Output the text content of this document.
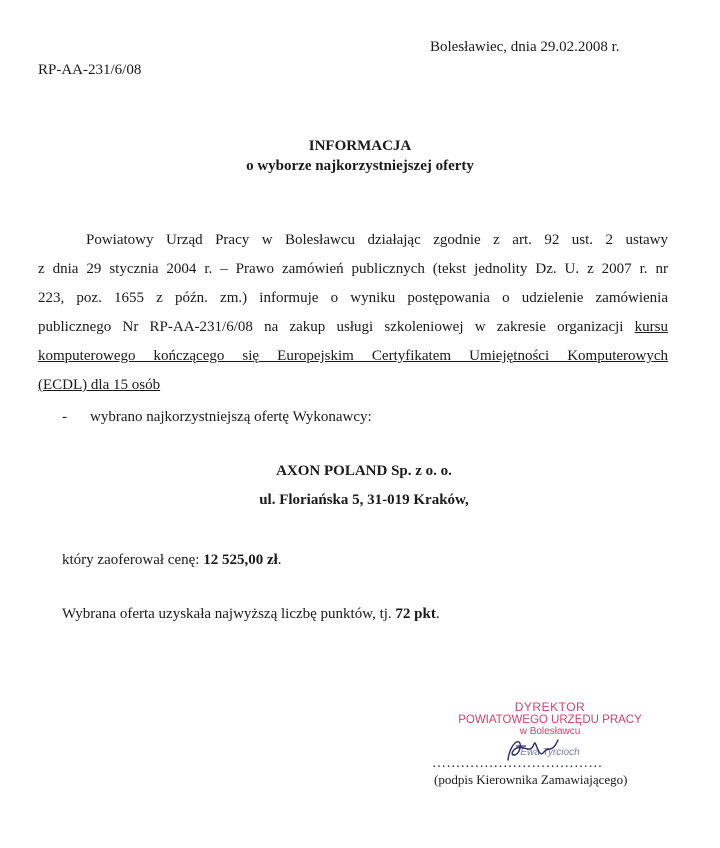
Bolesławiec, dnia 29.02.2008 r.
RP-AA-231/6/08
INFORMACJA
o wyborze najkorzystniejszej oferty
Powiatowy Urząd Pracy w Bolesławcu działając zgodnie z art. 92 ust. 2 ustawy
z dnia 29 stycznia 2004 r. – Prawo zamówień publicznych (tekst jednolity Dz. U. z 2007 r. nr
223, poz. 1655 z późn. zm.) informuje o wyniku postępowania o udzielenie zamówienia
publicznego Nr RP-AA-231/6/08 na zakup usługi szkoleniowej w zakresie organizacji kursu
komputerowego kończącego się Europejskim Certyfikatem Umiejętności Komputerowych
(ECDL) dla 15 osób
- wybrano najkorzystniejszą ofertę Wykonawcy:
AXON POLAND Sp. z o. o.
ul. Floriańska 5, 31-019 Kraków,
który zaoferował cenę: 12 525,00 zł.
Wybrana oferta uzyskała najwyższą liczbę punktów, tj. 72 pkt.
DYREKTOR
POWIATOWEGO URZĘDU PRACY
w Bolesławcu
Ewa Tyrcioch
………………………………
(podpis Kierownika Zamawiającego)
